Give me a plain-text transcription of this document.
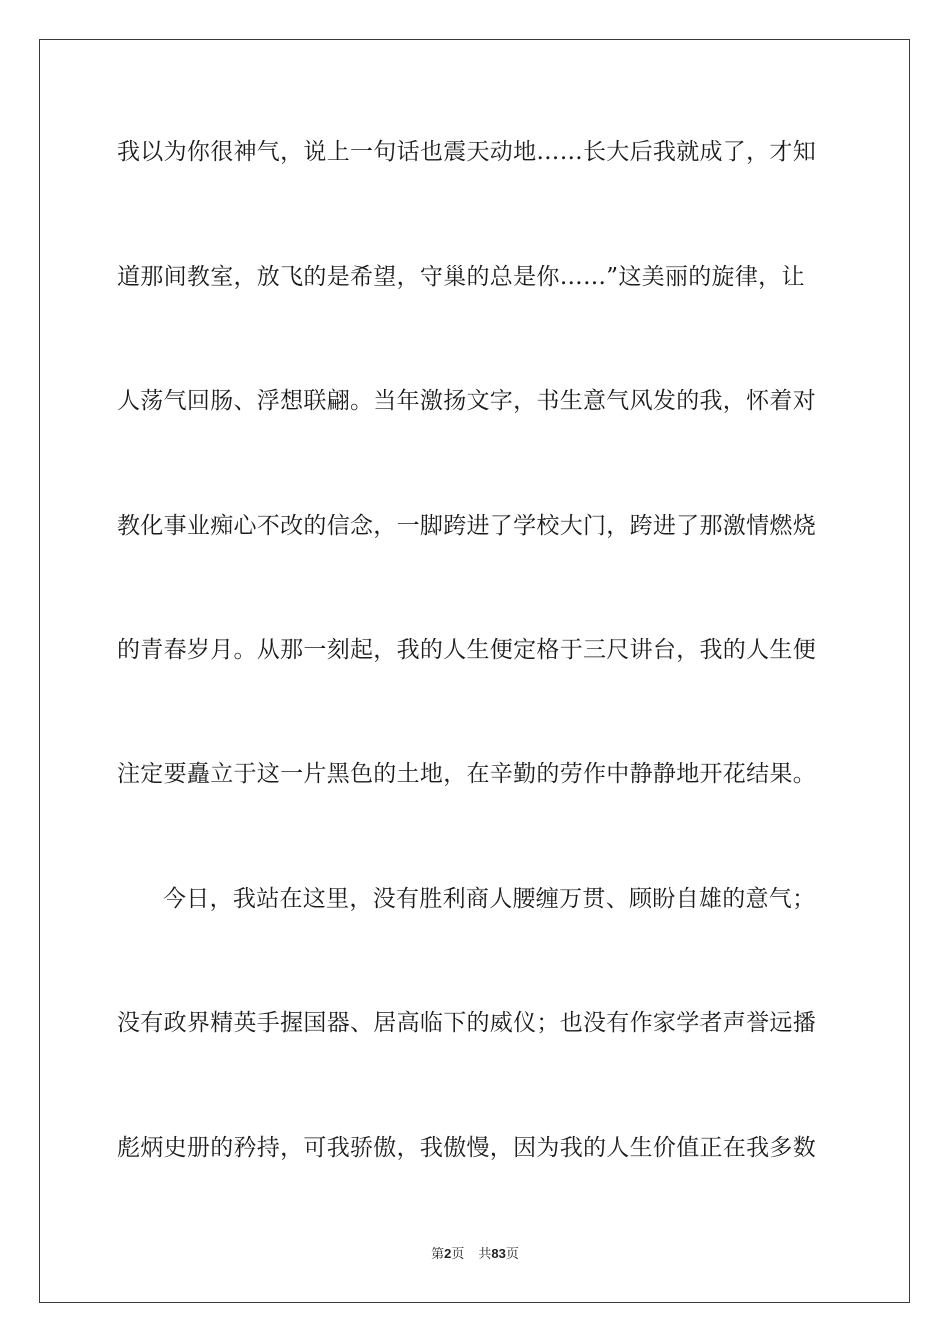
我以为你很神气，说上一句话也震天动地……长大后我就成了，才知
道那间教室，放飞的是希望，守巢的总是你……”这美丽的旋律，让
人荡气回肠、浮想联翩。当年激扬文字，书生意气风发的我，怀着对
教化事业痴心不改的信念，一脚跨进了学校大门，跨进了那激情燃烧
的青春岁月。从那一刻起，我的人生便定格于三尺讲台，我的人生便
注定要矗立于这一片黑色的土地，在辛勤的劳作中静静地开花结果。
今日，我站在这里，没有胜利商人腰缠万贯、顾盼自雄的意气；
没有政界精英手握国器、居高临下的威仪；也没有作家学者声誉远播
彪炳史册的矜持，可我骄傲，我傲慢，因为我的人生价值正在我多数
第2页 共83页
